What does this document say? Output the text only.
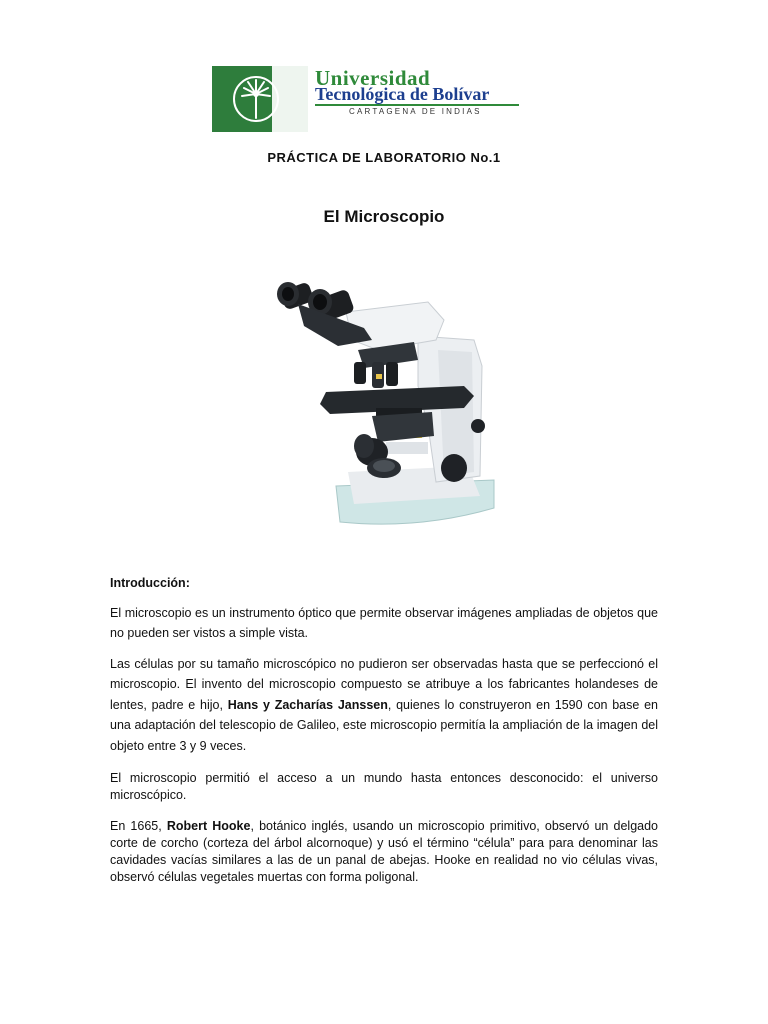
Universidad
Tecnológica de Bolívar
CARTAGENA DE INDIAS
PRÁCTICA DE LABORATORIO No.1
El Microscopio
Introducción:

El microscopio es un instrumento óptico que permite observar imágenes ampliadas de objetos que no pueden ser vistos a simple vista.

Las células por su tamaño microscópico no pudieron ser observadas hasta que se perfeccionó el microscopio. El invento del microscopio compuesto se atribuye a los fabricantes holandeses de lentes, padre e hijo, Hans y Zacharías Janssen, quienes lo construyeron en 1590 con base en una adaptación del telescopio de Galileo, este microscopio permitía la ampliación de la imagen del objeto entre 3 y 9 veces.

El microscopio permitió el acceso a un mundo hasta entonces desconocido: el universo microscópico.

En 1665, Robert Hooke, botánico inglés, usando un microscopio primitivo, observó un delgado corte de corcho (corteza del árbol alcornoque) y usó el término “célula” para para denominar las cavidades vacías similares a las de un panal de abejas. Hooke en realidad no vio células vivas, observó células vegetales muertas con forma poligonal.
